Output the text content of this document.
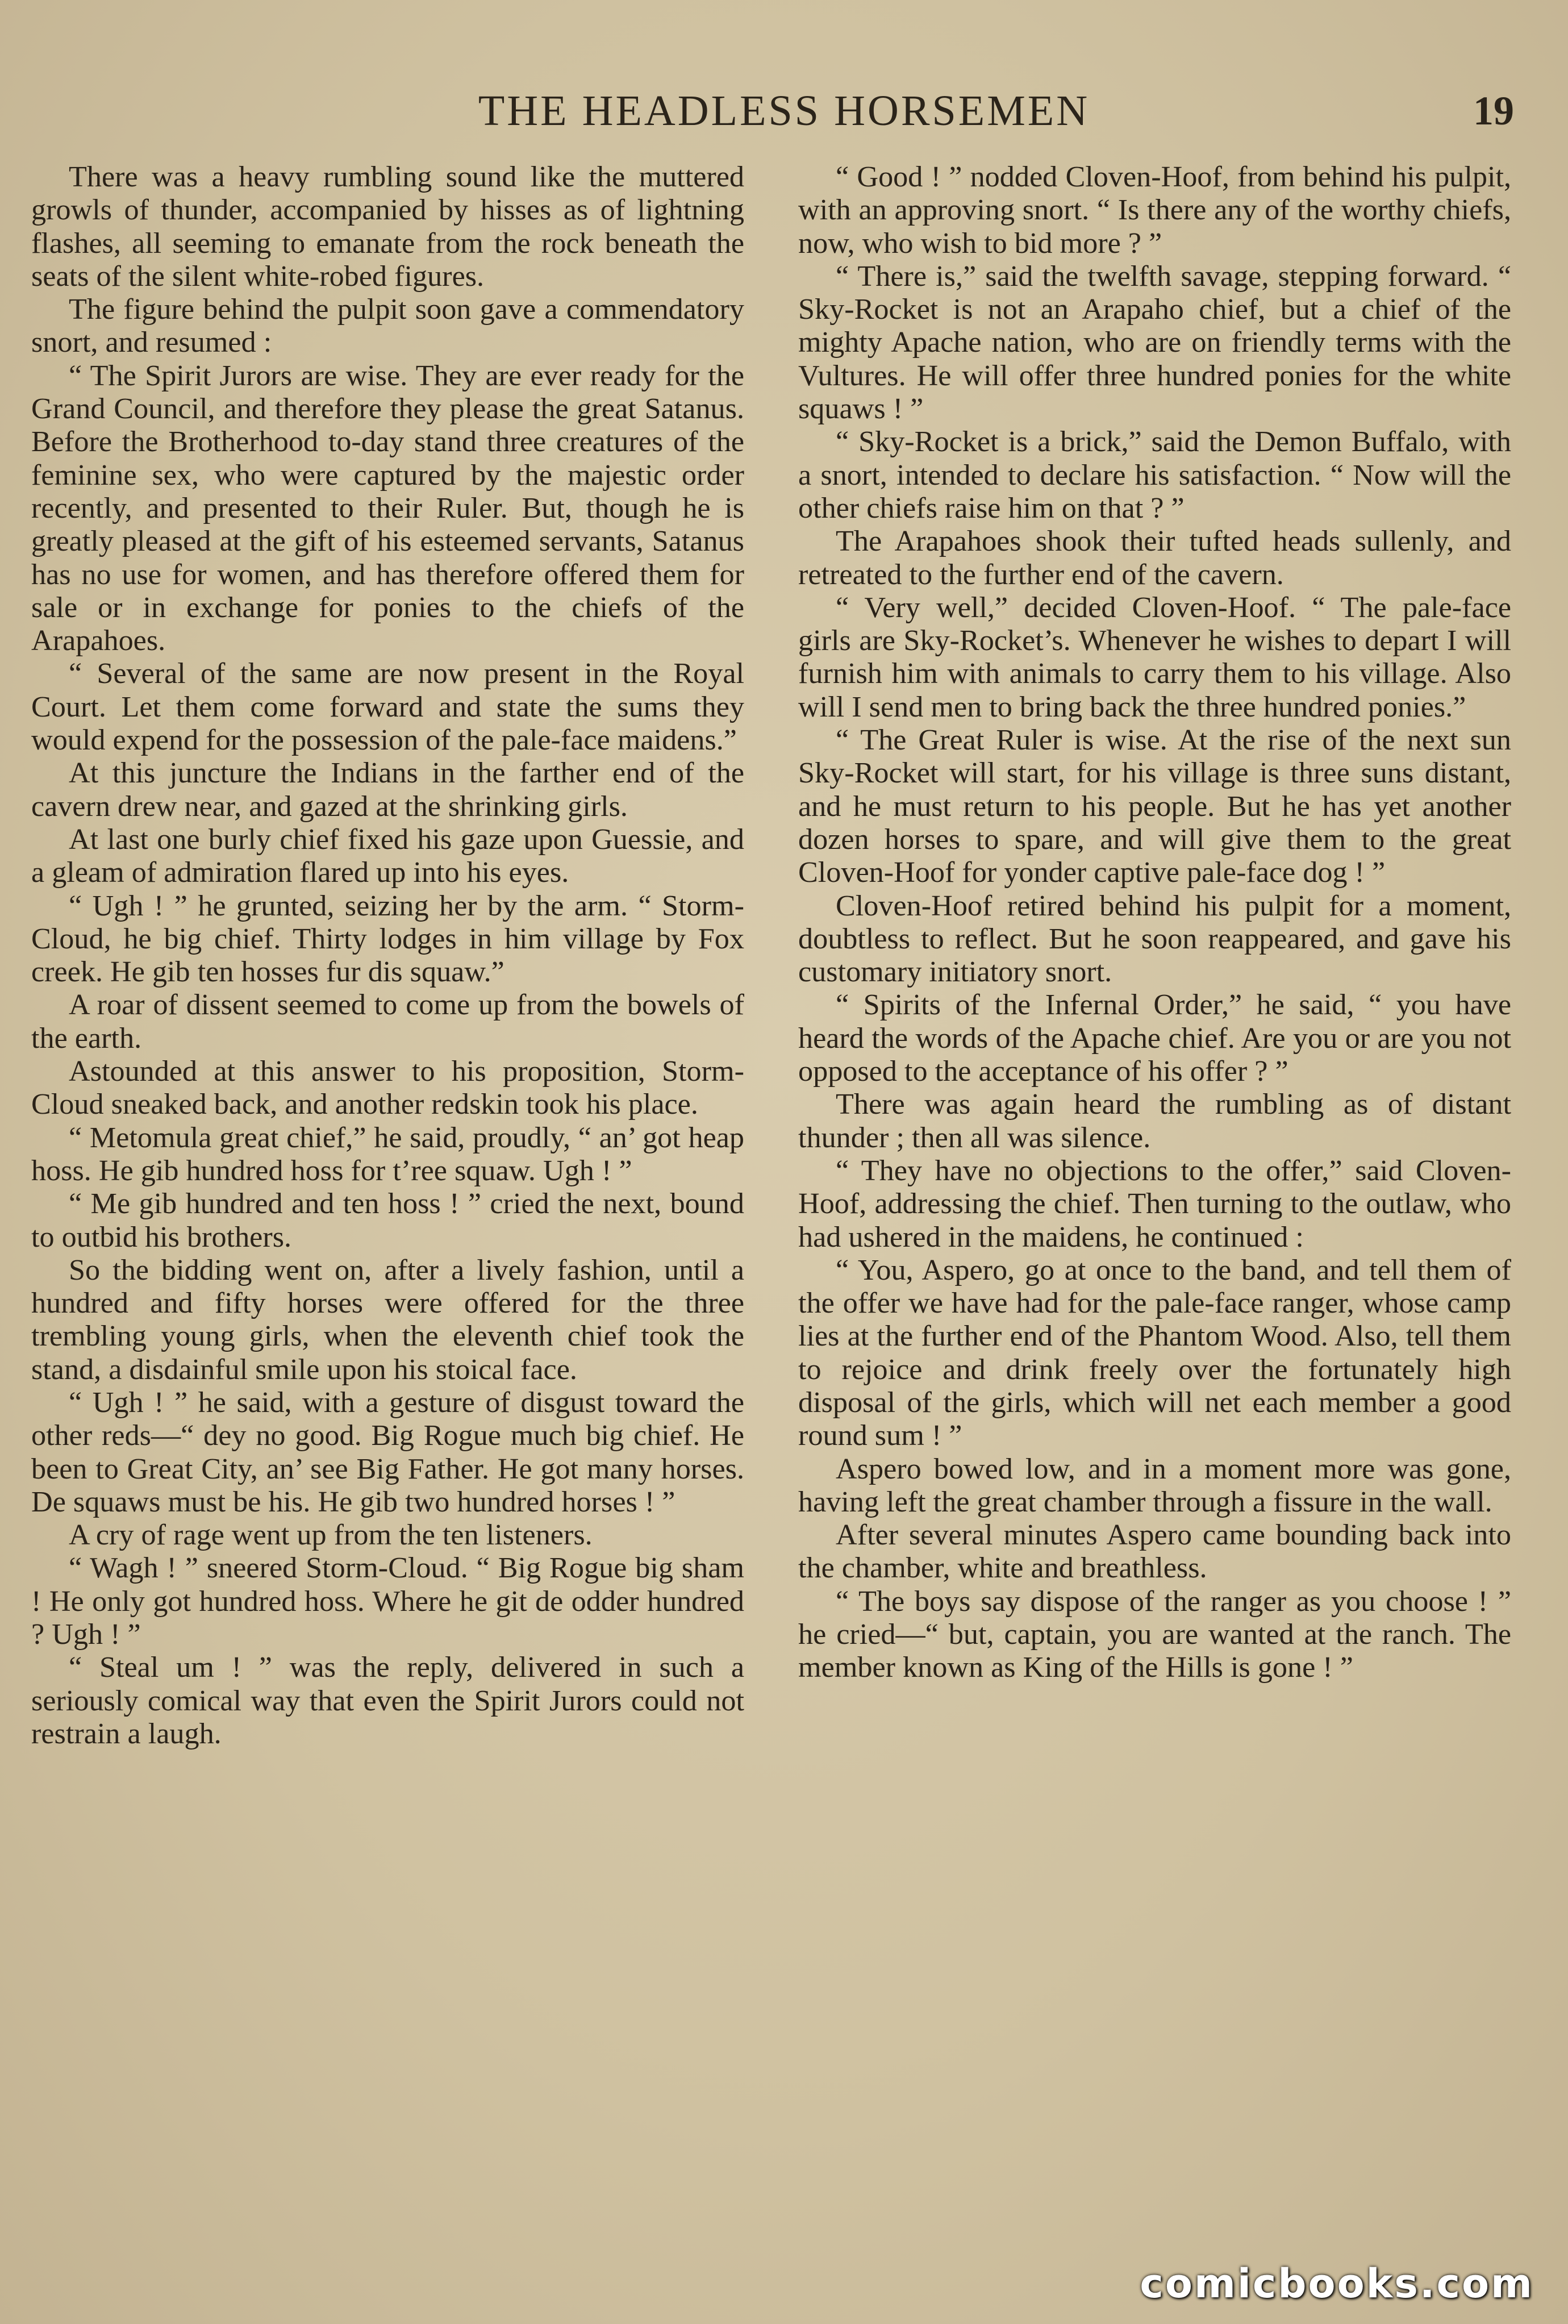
THE HEADLESS HORSEMEN	19

There was a heavy rumbling sound like the muttered growls of thunder, accompanied by hisses as of lightning flashes, all seeming to emanate from the rock beneath the seats of the silent white-robed figures.

The figure behind the pulpit soon gave a commendatory snort, and resumed :

“ The Spirit Jurors are wise. They are ever ready for the Grand Council, and therefore they please the great Satanus. Before the Brotherhood to-day stand three creatures of the feminine sex, who were captured by the majestic order recently, and presented to their Ruler. But, though he is greatly pleased at the gift of his esteemed servants, Satanus has no use for women, and has therefore offered them for sale or in exchange for ponies to the chiefs of the Arapahoes.

“ Several of the same are now present in the Royal Court. Let them come forward and state the sums they would expend for the possession of the pale-face maidens.”

At this juncture the Indians in the farther end of the cavern drew near, and gazed at the shrinking girls.

At last one burly chief fixed his gaze upon Guessie, and a gleam of admiration flared up into his eyes.

“ Ugh ! ” he grunted, seizing her by the arm. “ Storm-Cloud, he big chief. Thirty lodges in him village by Fox creek. He gib ten hosses fur dis squaw.”

A roar of dissent seemed to come up from the bowels of the earth.

Astounded at this answer to his proposition, Storm-Cloud sneaked back, and another redskin took his place.

“ Metomula great chief,” he said, proudly, “ an’ got heap hoss. He gib hundred hoss for t’ree squaw. Ugh ! ”

“ Me gib hundred and ten hoss ! ” cried the next, bound to outbid his brothers.

So the bidding went on, after a lively fashion, until a hundred and fifty horses were offered for the three trembling young girls, when the eleventh chief took the stand, a disdainful smile upon his stoical face.

“ Ugh ! ” he said, with a gesture of disgust toward the other reds—“ dey no good. Big Rogue much big chief. He been to Great City, an’ see Big Father. He got many horses. De squaws must be his. He gib two hundred horses ! ”

A cry of rage went up from the ten listeners.

“ Wagh ! ” sneered Storm-Cloud. “ Big Rogue big sham ! He only got hundred hoss. Where he git de odder hundred ? Ugh ! ”

“ Steal um ! ” was the reply, delivered in such a seriously comical way that even the Spirit Jurors could not restrain a laugh.

“ Good ! ” nodded Cloven-Hoof, from behind his pulpit, with an approving snort. “ Is there any of the worthy chiefs, now, who wish to bid more ? ”

“ There is,” said the twelfth savage, stepping forward. “ Sky-Rocket is not an Arapaho chief, but a chief of the mighty Apache nation, who are on friendly terms with the Vultures. He will offer three hundred ponies for the white squaws ! ”

“ Sky-Rocket is a brick,” said the Demon Buffalo, with a snort, intended to declare his satisfaction. “ Now will the other chiefs raise him on that ? ”

The Arapahoes shook their tufted heads sullenly, and retreated to the further end of the cavern.

“ Very well,” decided Cloven-Hoof. “ The pale-face girls are Sky-Rocket’s. Whenever he wishes to depart I will furnish him with animals to carry them to his village. Also will I send men to bring back the three hundred ponies.”

“ The Great Ruler is wise. At the rise of the next sun Sky-Rocket will start, for his village is three suns distant, and he must return to his people. But he has yet another dozen horses to spare, and will give them to the great Cloven-Hoof for yonder captive pale-face dog ! ”

Cloven-Hoof retired behind his pulpit for a moment, doubtless to reflect. But he soon reappeared, and gave his customary initiatory snort.

“ Spirits of the Infernal Order,” he said, “ you have heard the words of the Apache chief. Are you or are you not opposed to the acceptance of his offer ? ”

There was again heard the rumbling as of distant thunder ; then all was silence.

“ They have no objections to the offer,” said Cloven-Hoof, addressing the chief. Then turning to the outlaw, who had ushered in the maidens, he continued :

“ You, Aspero, go at once to the band, and tell them of the offer we have had for the pale-face ranger, whose camp lies at the further end of the Phantom Wood. Also, tell them to rejoice and drink freely over the fortunately high disposal of the girls, which will net each member a good round sum ! ”

Aspero bowed low, and in a moment more was gone, having left the great chamber through a fissure in the wall.

After several minutes Aspero came bounding back into the chamber, white and breathless.

“ The boys say dispose of the ranger as you choose ! ” he cried—“ but, captain, you are wanted at the ranch. The member known as King of the Hills is gone ! ”

comicbooks.com
